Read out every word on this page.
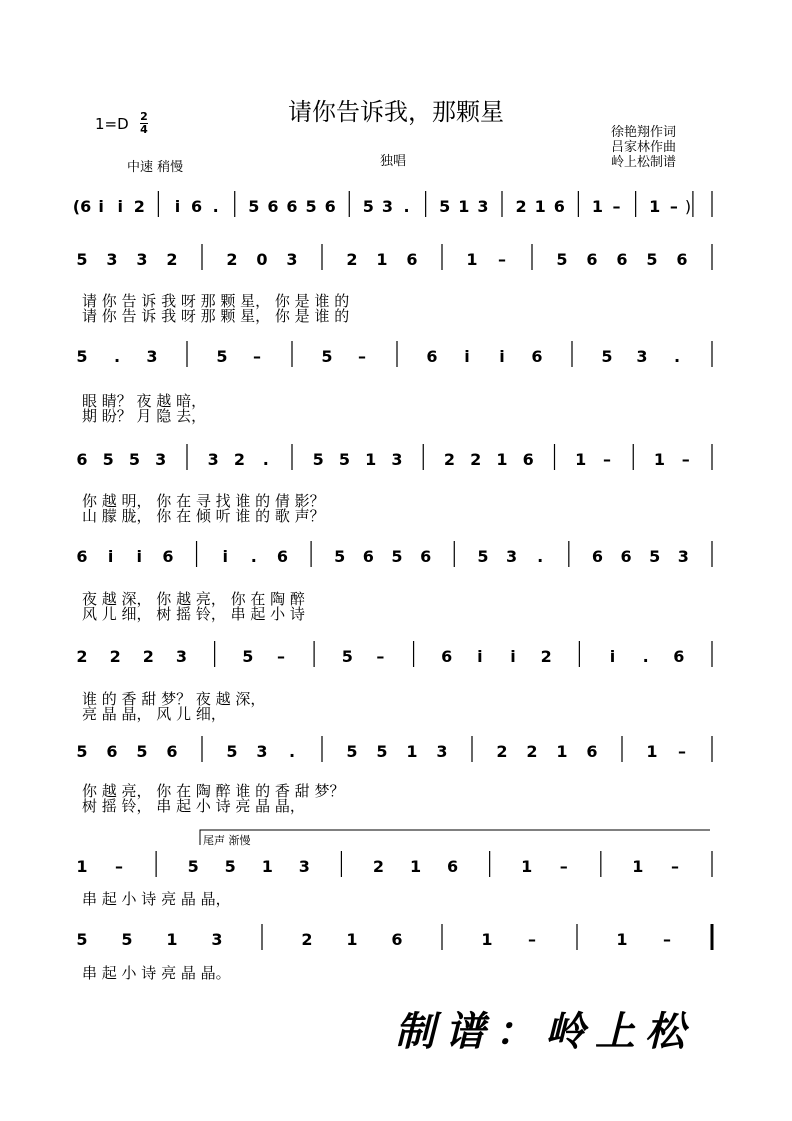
请你告诉我，那颗星
1=D 2
4
中速 稍慢	独唱
徐艳翔作词
吕家林作曲
岭上松制谱
(6 i i 2 i 6 . 5 6 6 5 6 5 3 . 5 1 3 2 1 6 1 – 1 – )
5 3 3 2	2 0 3	2 1 6	1 –	5 6 6 5 6
5 . 3	5 –	5 –	6 i i 6	5 3 .
6 5 5 3	3 2 .	5 5 1 3	2 2 1 6	1 –	1 –
6 i i 6	i . 6	5 6 5 6	5 3 .	6 6 5 3
2 2 2 3	5 –	5 –	6 i i 2	i . 6
5 6 5 6	5 3 .	5 5 1 3	2 2 1 6	1 –
1 –	5 5 1 3	2 1 6	1 –	1 –
5 5 1 3	2 1 6	1 –	1 –
尾声 渐慢
请 你 告 诉 我 呀 那 颗 星， 你 是 谁 的
请 你 告 诉 我 呀 那 颗 星， 你 是 谁 的
眼 睛？ 夜 越 暗，
期 盼？ 月 隐 去，
你 越 明， 你 在 寻 找 谁 的 倩 影？
山 朦 胧， 你 在 倾 听 谁 的 歌 声？
夜 越 深， 你 越 亮， 你 在 陶 醉
风 儿 细， 树 摇 铃， 串 起 小 诗
谁 的 香 甜 梦？ 夜 越 深，
亮 晶 晶， 风 儿 细，
你 越 亮， 你 在 陶 醉 谁 的 香 甜 梦？
树 摇 铃， 串 起 小 诗 亮 晶 晶，
串 起 小 诗 亮 晶 晶，
串 起 小 诗 亮 晶 晶。
制谱：岭上松
